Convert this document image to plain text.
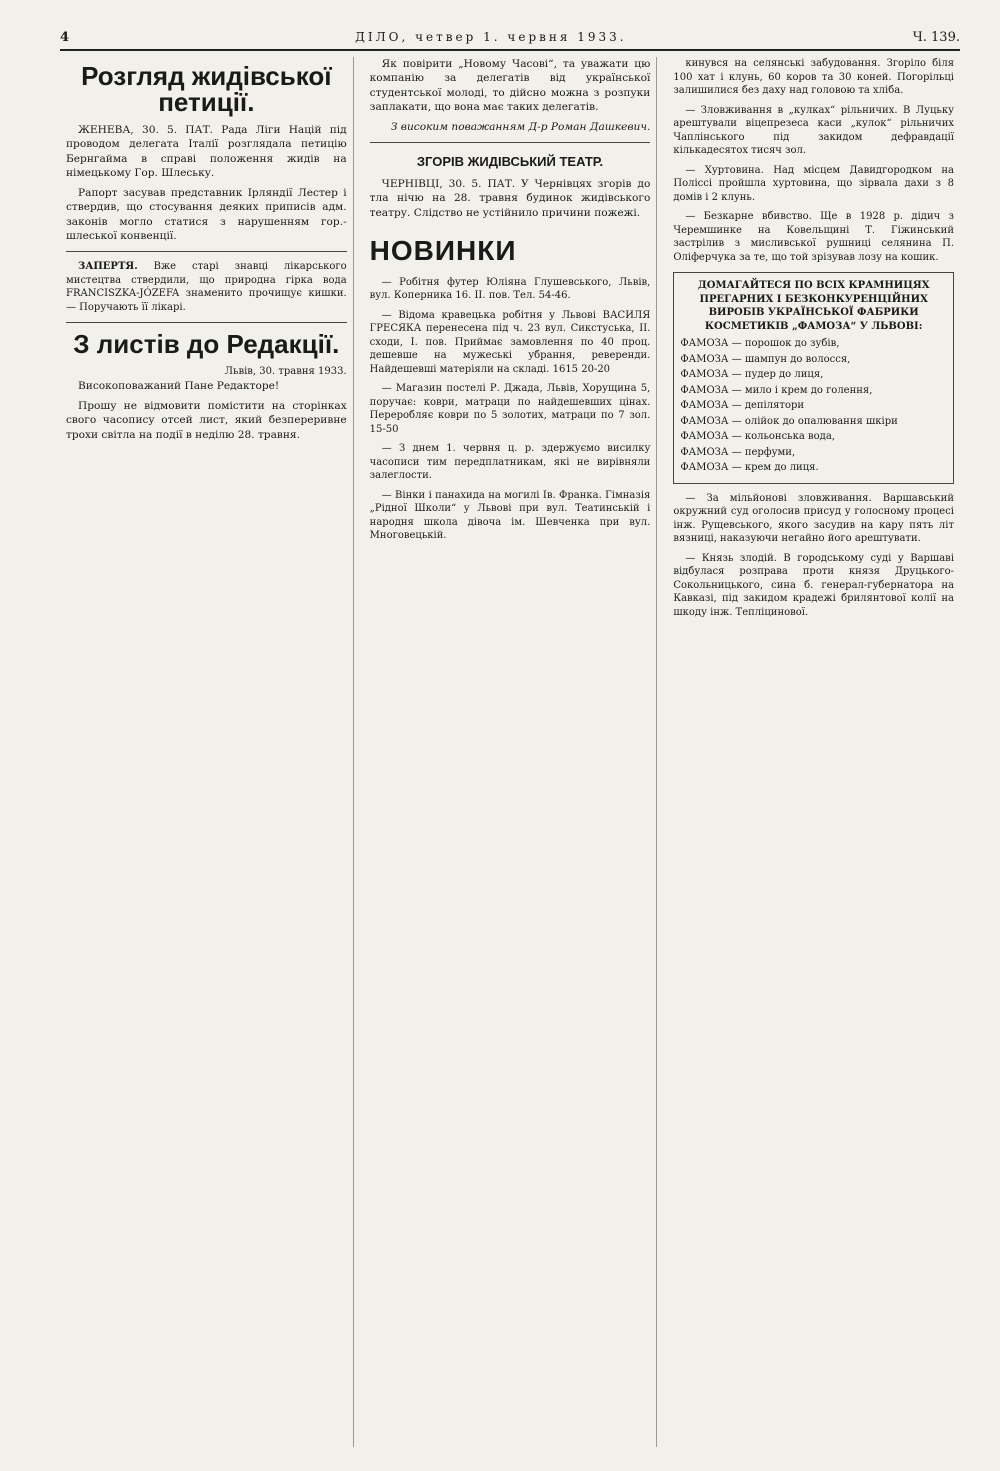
4	ДІЛО, четвер 1. червня 1933.	Ч. 139.
Розгляд жидівської петиції.

ЖЕНЕВА, 30. 5. ПАТ. Рада Ліги Націй під проводом делегата Італії розглядала петицію Бернгайма в справі положення жидів на німецькому Гор. Шлеську.

Рапорт засував представник Ірляндії Лестер і ствердив, що стосування деяких приписів адм. законів могло статися з нарушенням гор.-шлеської конвенції.

ЗАПЕРТЯ. Вже старі знавці лікарського мистецтва ствердили, що природна гірка вода FRANCISZKA-JÓZEFA знаменито прочищує кишки. — Поручають її лікарі.

З листів до Редакції.
Львів, 30. травня 1933.

Високоповажаний Пане Редакторе!

Прошу не відмовити помістити на сторінках свого часопису отсей лист, який безпереривне трохи світла на події в неділю 28. травня.

Як повірити „Новому Часові“, та уважати цю компанію за делегатів від української студентської молоді, то дійсно можна з розпуки заплакати, що вона має таких делегатів.

З високим поважанням Д-р Роман Дашкевич.
ЗГОРІВ ЖИДІВСЬКИЙ ТЕАТР.

ЧЕРНІВЦІ, 30. 5. ПАТ. У Чернівцях згорів до тла нічю на 28. травня будинок жидівського театру. Слідство не устійнило причини пожежі.

НОВИНКИ

— Робітня футер Юліяна Глушевського, Львів, вул. Коперника 16. II. пов. Тел. 54-46.

— Відома кравецька робітня у Львові ВАСИЛЯ ГРЕСЯКА перенесена під ч. 23 вул. Сикстуська, ІІ. сходи, І. пов. Приймає замовлення по 40 проц. дешевше на мужеські убрання, реверенди. Найдешевші матеріяли на складі. 1615 20-20

— Магазин постелі Р. Джада, Львів, Хорущина 5, поручає: коври, матраци по найдешевших цінах. Переробляє коври по 5 золотих, матраци по 7 зол. 15-50

— З днем 1. червня ц. р. здержуємо висилку часописи тим передплатникам, які не вирівняли залеглости.

— Вінки і панахида на могилі Ів. Франка. Гімназія „Рідної Школи“ у Львові при вул. Театинській і народня школа дівоча ім. Шевченка при вул. Многовецькій.

кинувся на селянські забудовання. Згоріло біля 100 хат і клунь, 60 коров та 30 коней. Погорільці залишилися без даху над головою та хліба.

— Зловживання в „кулках“ рільничих. В Луцьку арештували віцепрезеса каси „кулок“ рільничих Чаплінського під закидом дефравдації кількадесятох тисяч зол.

— Хуртовина. Над місцем Давидгородком на Поліссі пройшла хуртовина, що зірвала дахи з 8 домів і 2 клунь.

— Безкарне вбивство. Ще в 1928 р. дідич з Черемшинке на Ковельщині Т. Гіжинський застрілив з мисливської рушниці селянина П. Оліферчука за те, що той зрізував лозу на кошик.

ДОМАГАЙТЕСЯ ПО ВСІХ КРАМНИЦЯХ ПРЕГАРНИХ І БЕЗКОНКУРЕНЦІЙНИХ ВИРОБІВ УКРАЇНСЬКОЇ ФАБРИКИ КОСМЕТИКІВ „ФАМОЗА“ У ЛЬВОВІ:
ФАМОЗА — порошок до зубів,
ФАМОЗА — шампун до волосся,
ФАМОЗА — пудер до лиця,
ФАМОЗА — мило і крем до голення,
ФАМОЗА — депілятори
ФАМОЗА — олійок до опалювання шкіри
ФАМОЗА — кольонська вода,
ФАМОЗА — перфуми,
ФАМОЗА — крем до лиця.

— За мільйонові зловживання. Варшавський окружний суд оголосив присуд у голосному процесі інж. Рущевського, якого засудив на кару пять літ вязниці, наказуючи негайно його арештувати.

— Князь злодій. В городському суді у Варшаві відбулася розправа проти князя Друцького-Сокольницького, сина б. генерал-губернатора на Кавказі, під закидом крадежі брилянтової колії на шкоду інж. Тепліцинової.
